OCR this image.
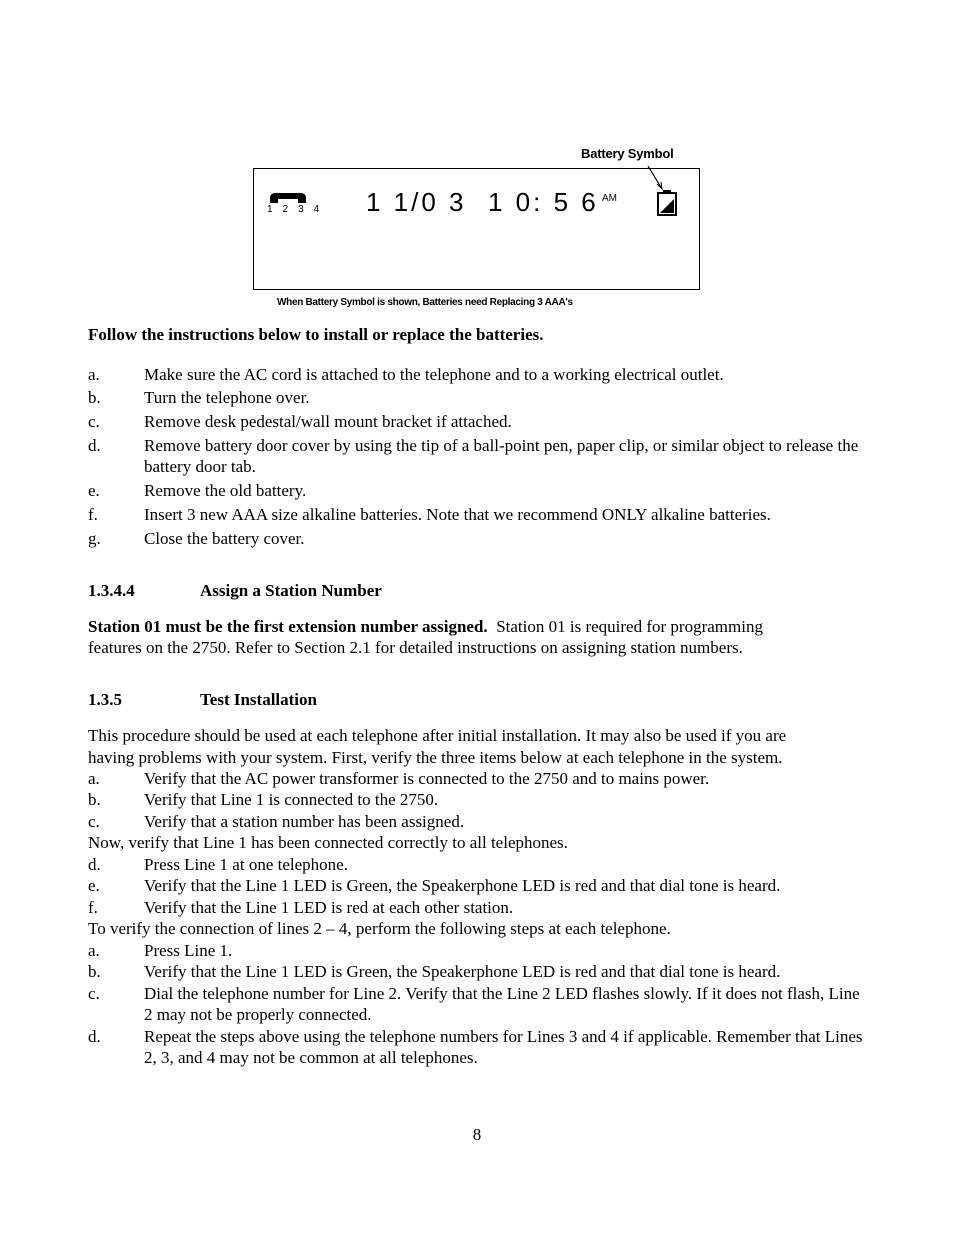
Battery Symbol
1 2 3 4 1 1/0 3 1 0: 5 6 AM
When Battery Symbol is shown, Batteries need Replacing 3 AAA's
Follow the instructions below to install or replace the batteries.
a.	Make sure the AC cord is attached to the telephone and to a working electrical outlet.
b.	Turn the telephone over.
c.	Remove desk pedestal/wall mount bracket if attached.
d.	Remove battery door cover by using the tip of a ball-point pen, paper clip, or similar object to release the battery door tab.
e.	Remove the old battery.
f.	Insert 3 new AAA size alkaline batteries. Note that we recommend ONLY alkaline batteries.
g.	Close the battery cover.
1.3.4.4	Assign a Station Number
Station 01 must be the first extension number assigned. Station 01 is required for programming
features on the 2750. Refer to Section 2.1 for detailed instructions on assigning station numbers.
1.3.5	Test Installation
This procedure should be used at each telephone after initial installation. It may also be used if you are
having problems with your system. First, verify the three items below at each telephone in the system.
a.	Verify that the AC power transformer is connected to the 2750 and to mains power.
b.	Verify that Line 1 is connected to the 2750.
c.	Verify that a station number has been assigned.
Now, verify that Line 1 has been connected correctly to all telephones.
d.	Press Line 1 at one telephone.
e.	Verify that the Line 1 LED is Green, the Speakerphone LED is red and that dial tone is heard.
f.	Verify that the Line 1 LED is red at each other station.
To verify the connection of lines 2 – 4, perform the following steps at each telephone.
a.	Press Line 1.
b.	Verify that the Line 1 LED is Green, the Speakerphone LED is red and that dial tone is heard.
c.	Dial the telephone number for Line 2. Verify that the Line 2 LED flashes slowly. If it does not flash, Line 2 may not be properly connected.
d.	Repeat the steps above using the telephone numbers for Lines 3 and 4 if applicable. Remember that Lines 2, 3, and 4 may not be common at all telephones.
8
